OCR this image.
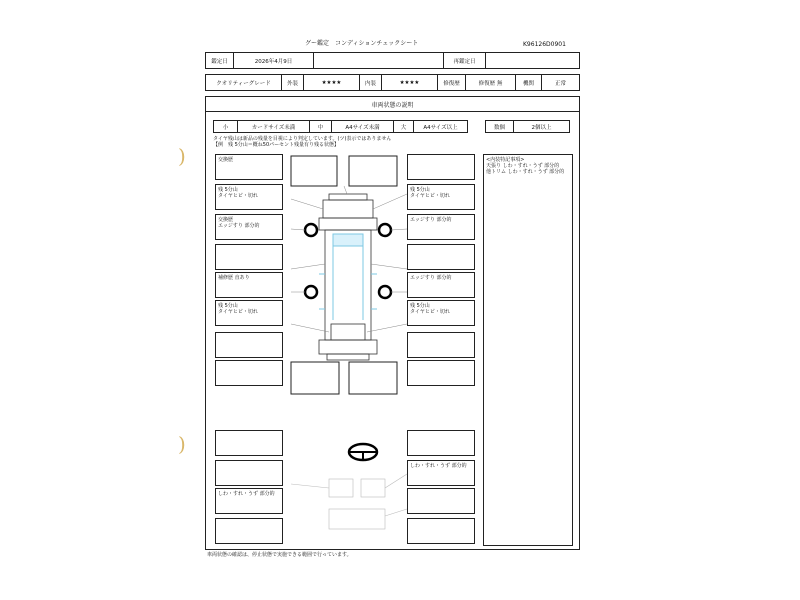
)
)
グー鑑定　コンディションチェックシート	K96126D0901
鑑定日	2026年4月9日	再鑑定日
クオリティーグレード	外装	★★★★	内装	★★★★	修復歴	修復歴 無	機関	正常
車両状態の説明
小	カードサイズ未満	中	A4サイズ未満	大	A4サイズ以上	数個	2個以上
タイヤ残山は新品の残量を目視により判定しています。(ツ)表示ではありません
【例　残 5分山＝概ね50パーセント残量有り残る状態】
交換歴
残 5分山
タイヤヒビ・切れ
交換歴
エッジすり 部分的
補修歴 直あり
残 5分山
タイヤヒビ・切れ
しわ・すれ・うず 部分的
残 5分山
タイヤヒビ・切れ
エッジすり 部分的
エッジすり 部分的
残 5分山
タイヤヒビ・切れ
しわ・すれ・うず 部分的
<内装特記事項>
天張り しわ・すれ・うず 部分的
他トリム しわ・すれ・うず 部分的
車両状態の確認は、停止状態で実施できる範囲で行っています。
